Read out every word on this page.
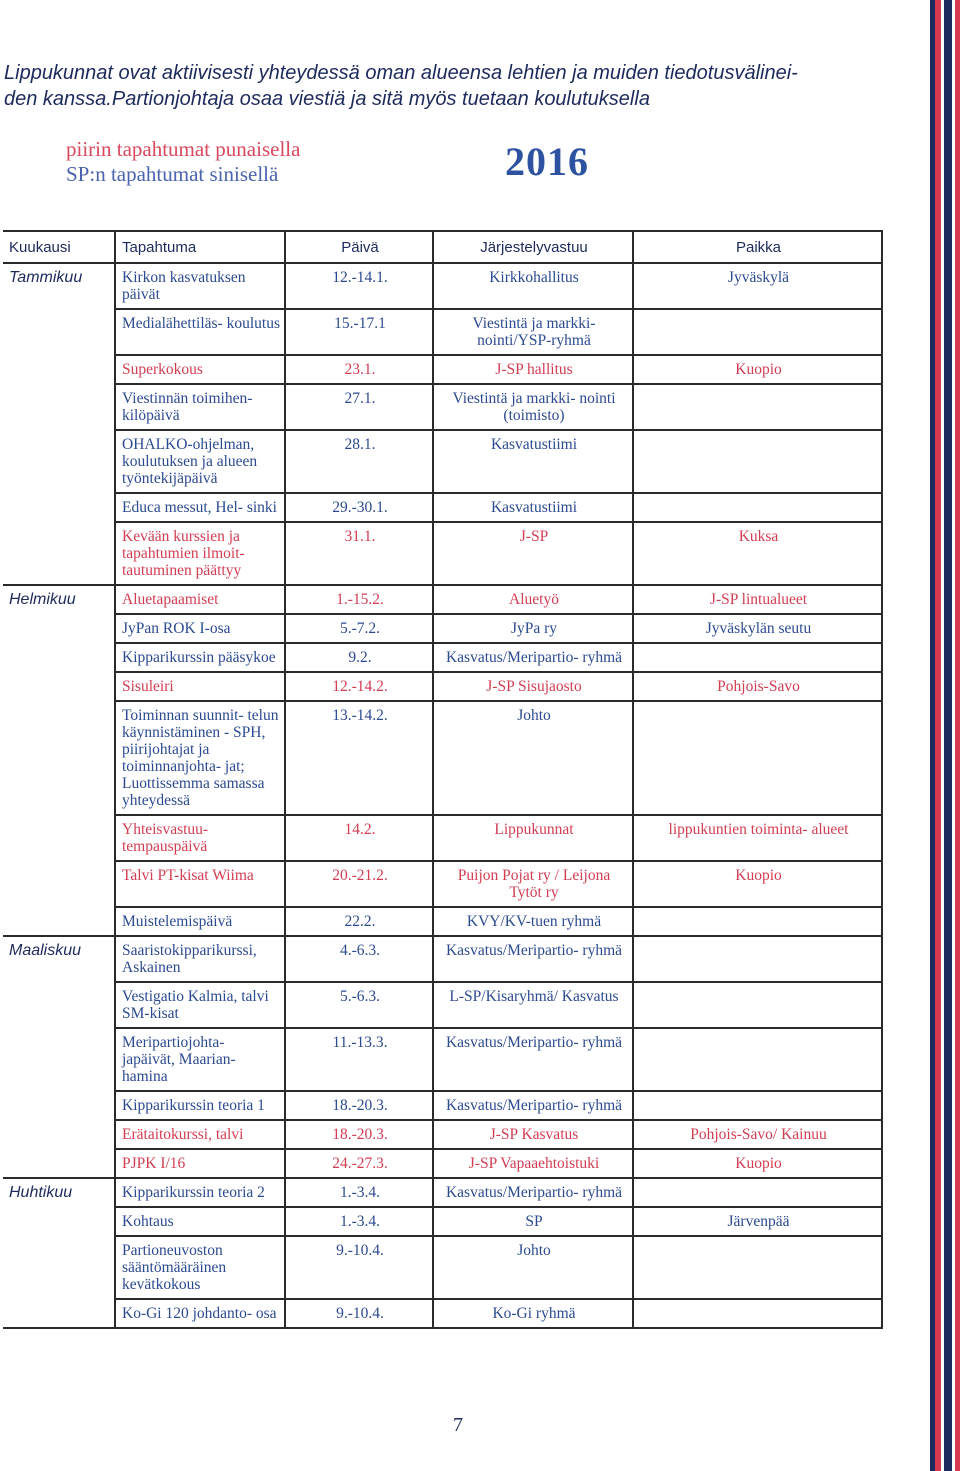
Lippukunnat ovat aktiivisesti yhteydessä oman alueensa lehtien ja muiden tiedotusvälinei-
den kanssa.Partionjohtaja osaa viestiä ja sitä myös tuetaan koulutuksella
piirin tapahtumat punaisella
SP:n tapahtumat sinisellä	2016
Kuukausi	Tapahtuma	Päivä	Järjestelyvastuu	Paikka
Tammikuu	Kirkon kasvatuksen päivät	12.-14.1.	Kirkkohallitus	Jyväskylä
	Medialähettiläs- koulutus	15.-17.1	Viestintä ja markki- nointi/YSP-ryhmä	
	Superkokous	23.1.	J-SP hallitus	Kuopio
	Viestinnän toimihen- kilöpäivä	27.1.	Viestintä ja markki- nointi (toimisto)	
	OHALKO-ohjelman, koulutuksen ja alueen työntekijäpäivä	28.1.	Kasvatustiimi	
	Educa messut, Hel- sinki	29.-30.1.	Kasvatustiimi	
	Kevään kurssien ja tapahtumien ilmoit- tautuminen päättyy	31.1.	J-SP	Kuksa
Helmikuu	Aluetapaamiset	1.-15.2.	Aluetyö	J-SP lintualueet
	JyPan ROK I-osa	5.-7.2.	JyPa ry	Jyväskylän seutu
	Kipparikurssin pääsykoe	9.2.	Kasvatus/Meripartio- ryhmä	
	Sisuleiri	12.-14.2.	J-SP Sisujaosto	Pohjois-Savo
	Toiminnan suunnit- telun käynnistäminen - SPH, piirijohtajat ja toiminnanjohta- jat; Luottissemma samassa yhteydessä	13.-14.2.	Johto	
	Yhteisvastuu- tempauspäivä	14.2.	Lippukunnat	lippukuntien toiminta- alueet
	Talvi PT-kisat Wiima	20.-21.2.	Puijon Pojat ry / Leijona Tytöt ry	Kuopio
	Muistelemispäivä	22.2.	KVY/KV-tuen ryhmä	
Maaliskuu	Saaristokipparikurssi, Askainen	4.-6.3.	Kasvatus/Meripartio- ryhmä	
	Vestigatio Kalmia, talvi SM-kisat	5.-6.3.	L-SP/Kisaryhmä/ Kasvatus	
	Meripartiojohta- japäivät, Maarian- hamina	11.-13.3.	Kasvatus/Meripartio- ryhmä	
	Kipparikurssin teoria 1	18.-20.3.	Kasvatus/Meripartio- ryhmä	
	Erätaitokurssi, talvi	18.-20.3.	J-SP Kasvatus	Pohjois-Savo/ Kainuu
	PJPK I/16	24.-27.3.	J-SP Vapaaehtoistuki	Kuopio
Huhtikuu	Kipparikurssin teoria 2	1.-3.4.	Kasvatus/Meripartio- ryhmä	
	Kohtaus	1.-3.4.	SP	Järvenpää
	Partioneuvoston sääntömääräinen kevätkokous	9.-10.4.	Johto	
	Ko-Gi 120 johdanto- osa	9.-10.4.	Ko-Gi ryhmä	
7
